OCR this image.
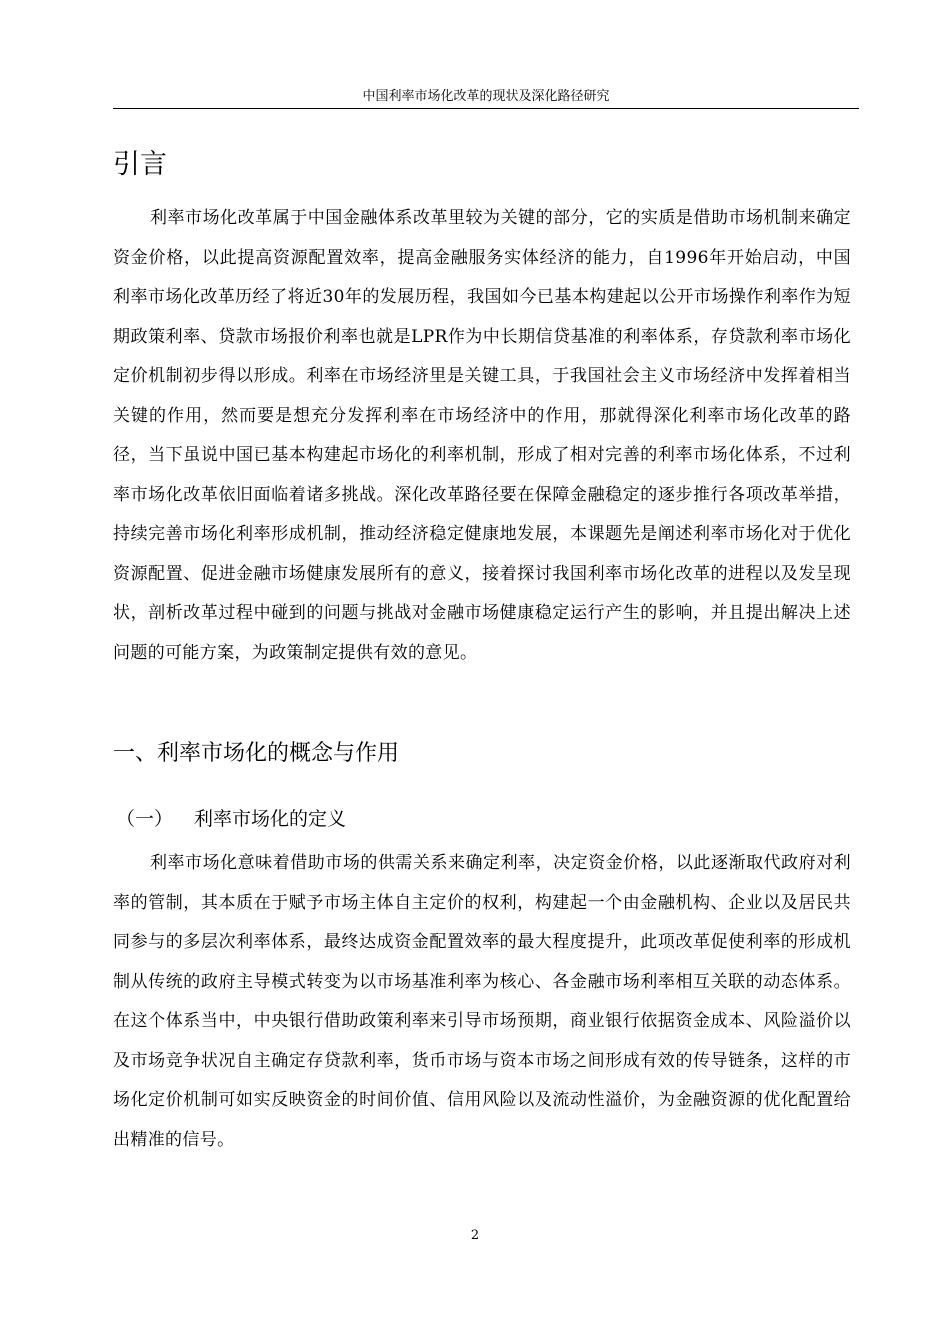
中国利率市场化改革的现状及深化路径研究
引言

利率市场化改革属于中国金融体系改革里较为关键的部分，它的实质是借助市场机制来确定资金价格，以此提高资源配置效率，提高金融服务实体经济的能力，自1996年开始启动，中国利率市场化改革历经了将近30年的发展历程，我国如今已基本构建起以公开市场操作利率作为短期政策利率、贷款市场报价利率也就是LPR作为中长期信贷基准的利率体系，存贷款利率市场化定价机制初步得以形成。利率在市场经济里是关键工具，于我国社会主义市场经济中发挥着相当关键的作用，然而要是想充分发挥利率在市场经济中的作用，那就得深化利率市场化改革的路径，当下虽说中国已基本构建起市场化的利率机制，形成了相对完善的利率市场化体系，不过利率市场化改革依旧面临着诸多挑战。深化改革路径要在保障金融稳定的逐步推行各项改革举措，持续完善市场化利率形成机制，推动经济稳定健康地发展，本课题先是阐述利率市场化对于优化资源配置、促进金融市场健康发展所有的意义，接着探讨我国利率市场化改革的进程以及发呈现状，剖析改革过程中碰到的问题与挑战对金融市场健康稳定运行产生的影响，并且提出解决上述问题的可能方案，为政策制定提供有效的意见。

一、利率市场化的概念与作用
（一） 利率市场化的定义

利率市场化意味着借助市场的供需关系来确定利率，决定资金价格，以此逐渐取代政府对利率的管制，其本质在于赋予市场主体自主定价的权利，构建起一个由金融机构、企业以及居民共同参与的多层次利率体系，最终达成资金配置效率的最大程度提升，此项改革促使利率的形成机制从传统的政府主导模式转变为以市场基准利率为核心、各金融市场利率相互关联的动态体系。在这个体系当中，中央银行借助政策利率来引导市场预期，商业银行依据资金成本、风险溢价以及市场竞争状况自主确定存贷款利率，货币市场与资本市场之间形成有效的传导链条，这样的市场化定价机制可如实反映资金的时间价值、信用风险以及流动性溢价，为金融资源的优化配置给出精准的信号。

2
